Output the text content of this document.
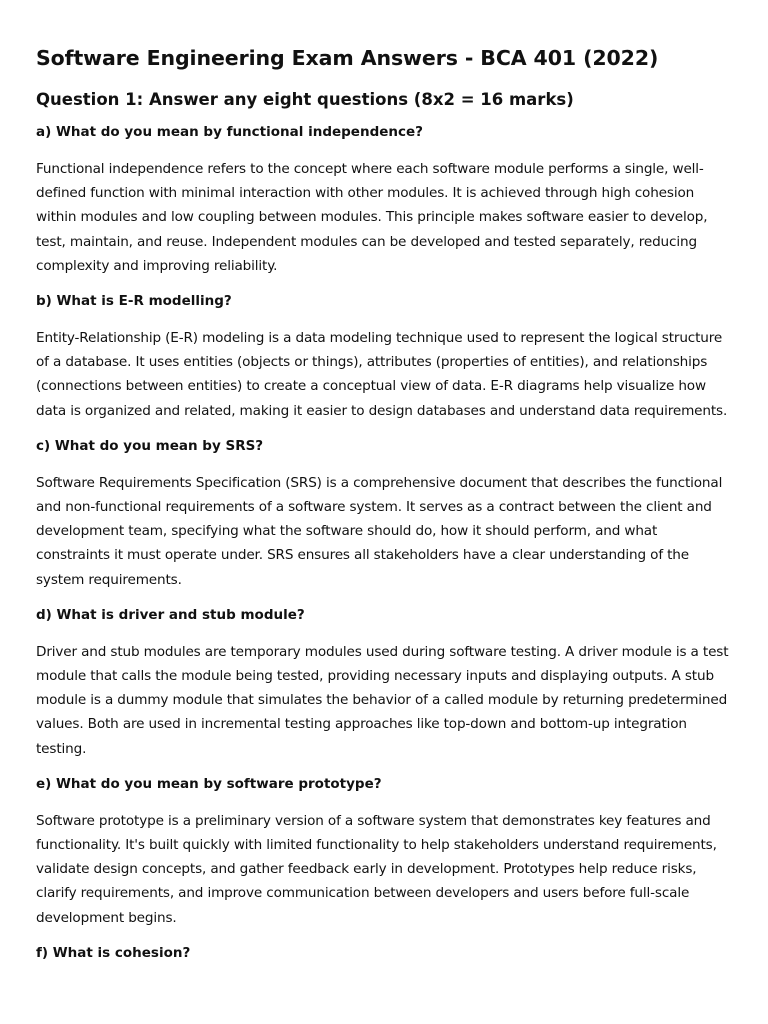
Software Engineering Exam Answers - BCA 401 (2022)
Question 1: Answer any eight questions (8x2 = 16 marks)
a) What do you mean by functional independence?

Functional independence refers to the concept where each software module performs a single, well-defined function with minimal interaction with other modules. It is achieved through high cohesion within modules and low coupling between modules. This principle makes software easier to develop, test, maintain, and reuse. Independent modules can be developed and tested separately, reducing complexity and improving reliability.

b) What is E-R modelling?

Entity-Relationship (E-R) modeling is a data modeling technique used to represent the logical structure of a database. It uses entities (objects or things), attributes (properties of entities), and relationships (connections between entities) to create a conceptual view of data. E-R diagrams help visualize how data is organized and related, making it easier to design databases and understand data requirements.

c) What do you mean by SRS?

Software Requirements Specification (SRS) is a comprehensive document that describes the functional and non-functional requirements of a software system. It serves as a contract between the client and development team, specifying what the software should do, how it should perform, and what constraints it must operate under. SRS ensures all stakeholders have a clear understanding of the system requirements.

d) What is driver and stub module?

Driver and stub modules are temporary modules used during software testing. A driver module is a test module that calls the module being tested, providing necessary inputs and displaying outputs. A stub module is a dummy module that simulates the behavior of a called module by returning predetermined values. Both are used in incremental testing approaches like top-down and bottom-up integration testing.

e) What do you mean by software prototype?

Software prototype is a preliminary version of a software system that demonstrates key features and functionality. It's built quickly with limited functionality to help stakeholders understand requirements, validate design concepts, and gather feedback early in development. Prototypes help reduce risks, clarify requirements, and improve communication between developers and users before full-scale development begins.

f) What is cohesion?
